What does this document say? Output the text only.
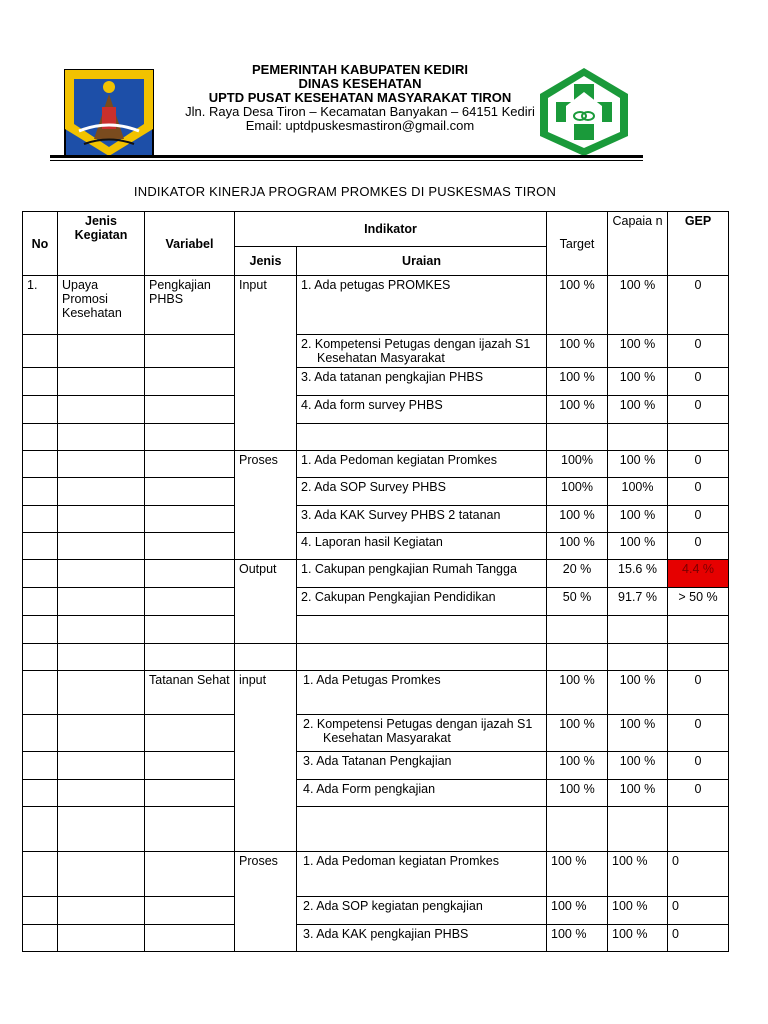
PEMERINTAH KABUPATEN KEDIRI
DINAS KESEHATAN
UPTD PUSAT KESEHATAN MASYARAKAT TIRON
Jln. Raya Desa Tiron – Kecamatan Banyakan – 64151 Kediri
Email: uptdpuskesmastiron@gmail.com
INDIKATOR KINERJA PROGRAM PROMKES DI PUSKESMAS TIRON
No	Jenis Kegiatan	Variabel	Indikator		Target	Capaia n	GEP
			Jenis	Uraian			
1.	Upaya Promosi Kesehatan	Pengkajian PHBS	Input	1. Ada petugas PROMKES	100 %	100 %	0
				2. Kompetensi Petugas dengan ijazah S1 Kesehatan Masyarakat	100 %	100 %	0
				3. Ada tatanan pengkajian PHBS	100 %	100 %	0
				4. Ada form survey PHBS	100 %	100 %	0

			Proses	1. Ada Pedoman kegiatan Promkes	100%	100 %	0
				2. Ada SOP Survey PHBS	100%	100%	0
				3. Ada KAK Survey PHBS 2 tatanan	100 %	100 %	0
				4. Laporan hasil Kegiatan	100 %	100 %	0
			Output	1. Cakupan pengkajian Rumah Tangga	20 %	15.6 %	4.4 %
				2. Cakupan Pengkajian Pendidikan	50 %	91.7 %	> 50 %

		Tatanan Sehat	input	1. Ada Petugas Promkes	100 %	100 %	0
				2. Kompetensi Petugas dengan ijazah S1 Kesehatan Masyarakat	100 %	100 %	0
				3. Ada Tatanan Pengkajian	100 %	100 %	0
				4. Ada Form pengkajian	100 %	100 %	0

			Proses	1. Ada Pedoman kegiatan Promkes	100 %	100 %	0
				2. Ada SOP kegiatan pengkajian	100 %	100 %	0
				3. Ada KAK pengkajian PHBS	100 %	100 %	0
